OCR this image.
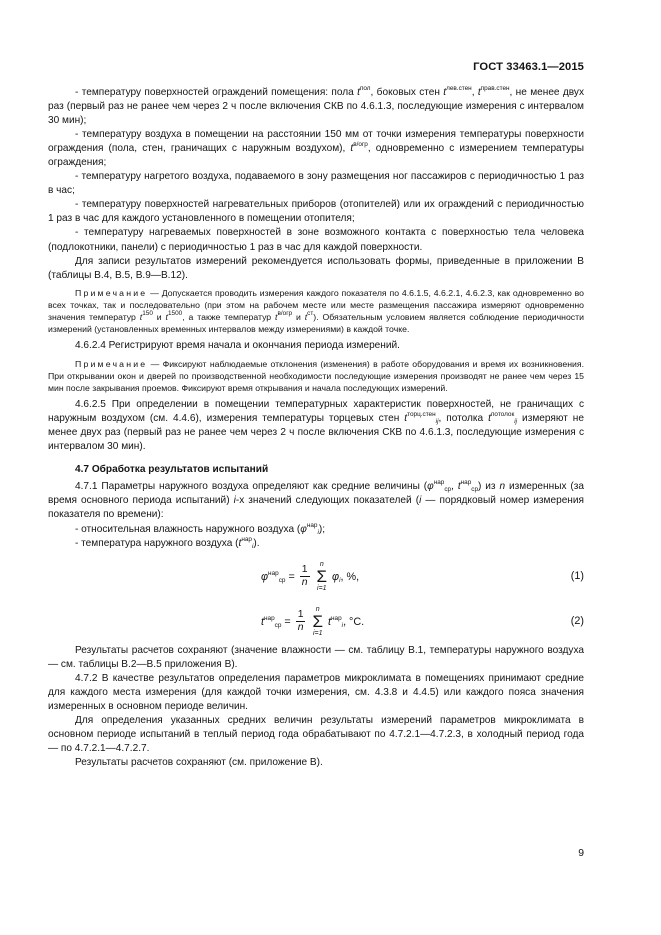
ГОСТ 33463.1—2015

- температуру поверхностей ограждений помещения: пола $t^{пол}$, боковых стен $t^{лев.стен}$, $t^{прав.стен}$, не менее двух раз (первый раз не ранее чем через 2 ч после включения СКВ по 4.6.1.3, последующие измерения с интервалом 30 мин);

- температуру воздуха в помещении на расстоянии 150 мм от точки измерения температуры поверхности ограждения (пола, стен, граничащих с наружным воздухом), $t^{в/огр}$, одновременно с измерением температуры ограждения;

- температуру нагретого воздуха, подаваемого в зону размещения ног пассажиров с периодичностью 1 раз в час;

- температуру поверхностей нагревательных приборов (отопителей) или их ограждений с периодичностью 1 раз в час для каждого установленного в помещении отопителя;

- температуру нагреваемых поверхностей в зоне возможного контакта с поверхностью тела человека (подлокотники, панели) с периодичностью 1 раз в час для каждой поверхности.

Для записи результатов измерений рекомендуется использовать формы, приведенные в приложении В (таблицы В.4, В.5, В.9—В.12).

Примечание — Допускается проводить измерения каждого показателя по 4.6.1.5, 4.6.2.1, 4.6.2.3, как одновременно во всех точках, так и последовательно (при этом на рабочем месте или месте размещения пассажира измеряют одновременно значения температур $t^{150}$ и $t^{1500}$, а также температур $t^{в/огр}$ и $t^{ст}$). Обязательным условием является соблюдение периодичности измерений (установленных временных интервалов между измерениями) в каждой точке.

4.6.2.4 Регистрируют время начала и окончания периода измерений.

Примечание — Фиксируют наблюдаемые отклонения (изменения) в работе оборудования и время их возникновения. При открывании окон и дверей по производственной необходимости последующие измерения производят не ранее чем через 15 мин после закрывания проемов. Фиксируют время открывания и начала последующих измерений.

4.6.2.5 При определении в помещении температурных характеристик поверхностей, не граничащих с наружным воздухом (см. 4.4.6), измерения температуры торцевых стен $t^{торц.стен}ij$, потолка $t^{потолок}ij$ измеряют не менее двух раз (первый раз не ранее чем через 2 ч после включения СКВ по 4.6.1.3, последующие измерения с интервалом 30 мин).

4.7 Обработка результатов испытаний

4.7.1 Параметры наружного воздуха определяют как средние величины ($\varphi^{нар}ср$, $t^{нар}ср$) из n измеренных (за время основного периода испытаний) i-х значений следующих показателей (i — порядковый номер измерения показателя по времени):

- относительная влажность наружного воздуха $(\varphi^{нар}i)$;

- температура наружного воздуха $(t^{нар}i)$.

$\varphi^{нар}ср = \frac{1}{n}$
	n
Σ
i=1
φi, %,	(1)
$t^{нар}ср = \frac{1}{n}$
	n
Σ
i=1
$t^{нар}i$, °С.	(2)

Результаты расчетов сохраняют (значение влажности — см. таблицу В.1, температуры наружного воздуха — см. таблицы В.2—В.5 приложения В).

4.7.2 В качестве результатов определения параметров микроклимата в помещениях принимают средние для каждого места измерения (для каждой точки измерения, см. 4.3.8 и 4.4.5) или каждого пояса значения измеренных в основном периоде величин.

Для определения указанных средних величин результаты измерений параметров микроклимата в основном периоде испытаний в теплый период года обрабатывают по 4.7.2.1—4.7.2.3, в холодный период года — по 4.7.2.1—4.7.2.7.

Результаты расчетов сохраняют (см. приложение В).

9
